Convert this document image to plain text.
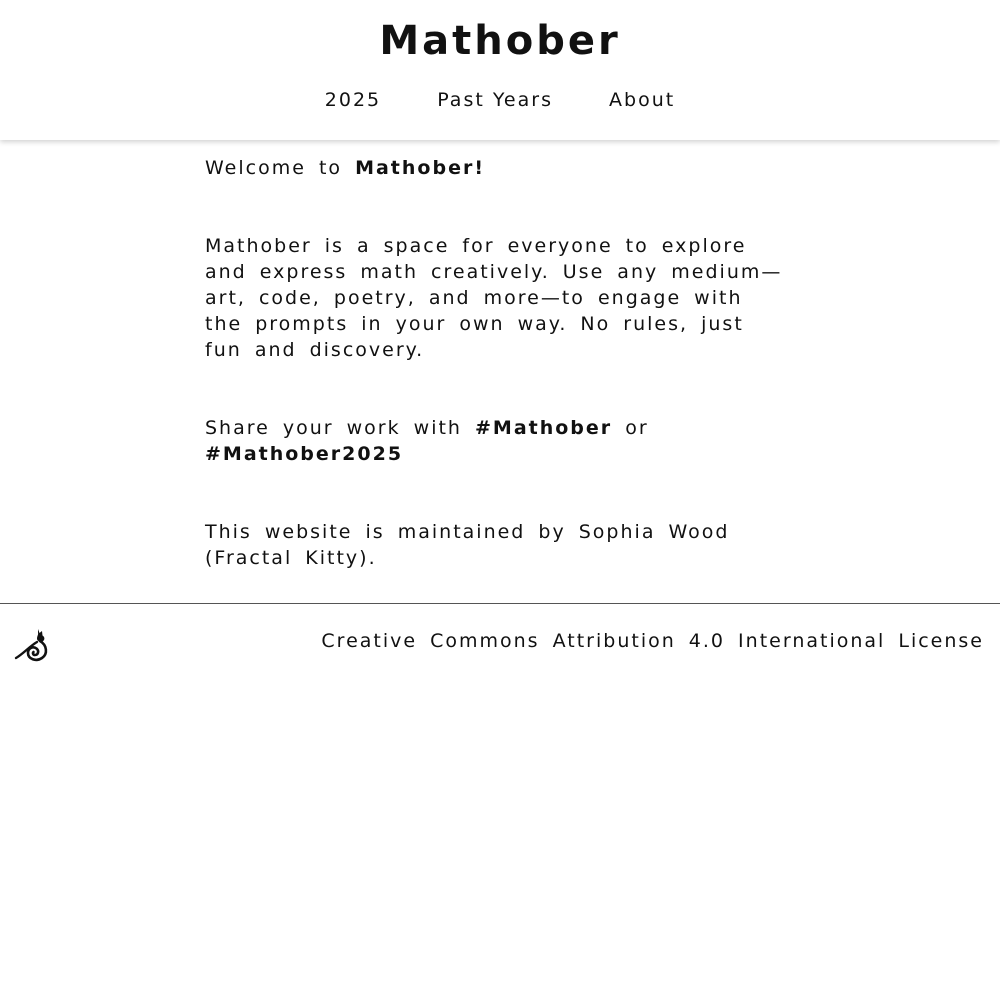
Mathober
2025	Past Years	About

Welcome to Mathober!

Mathober is a space for everyone to explore and express math creatively. Use any medium—art, code, poetry, and more—to engage with the prompts in your own way. No rules, just fun and discovery.

Share your work with #Mathober or #Mathober2025

This website is maintained by Sophia Wood (Fractal Kitty).

Creative Commons Attribution 4.0 International License
